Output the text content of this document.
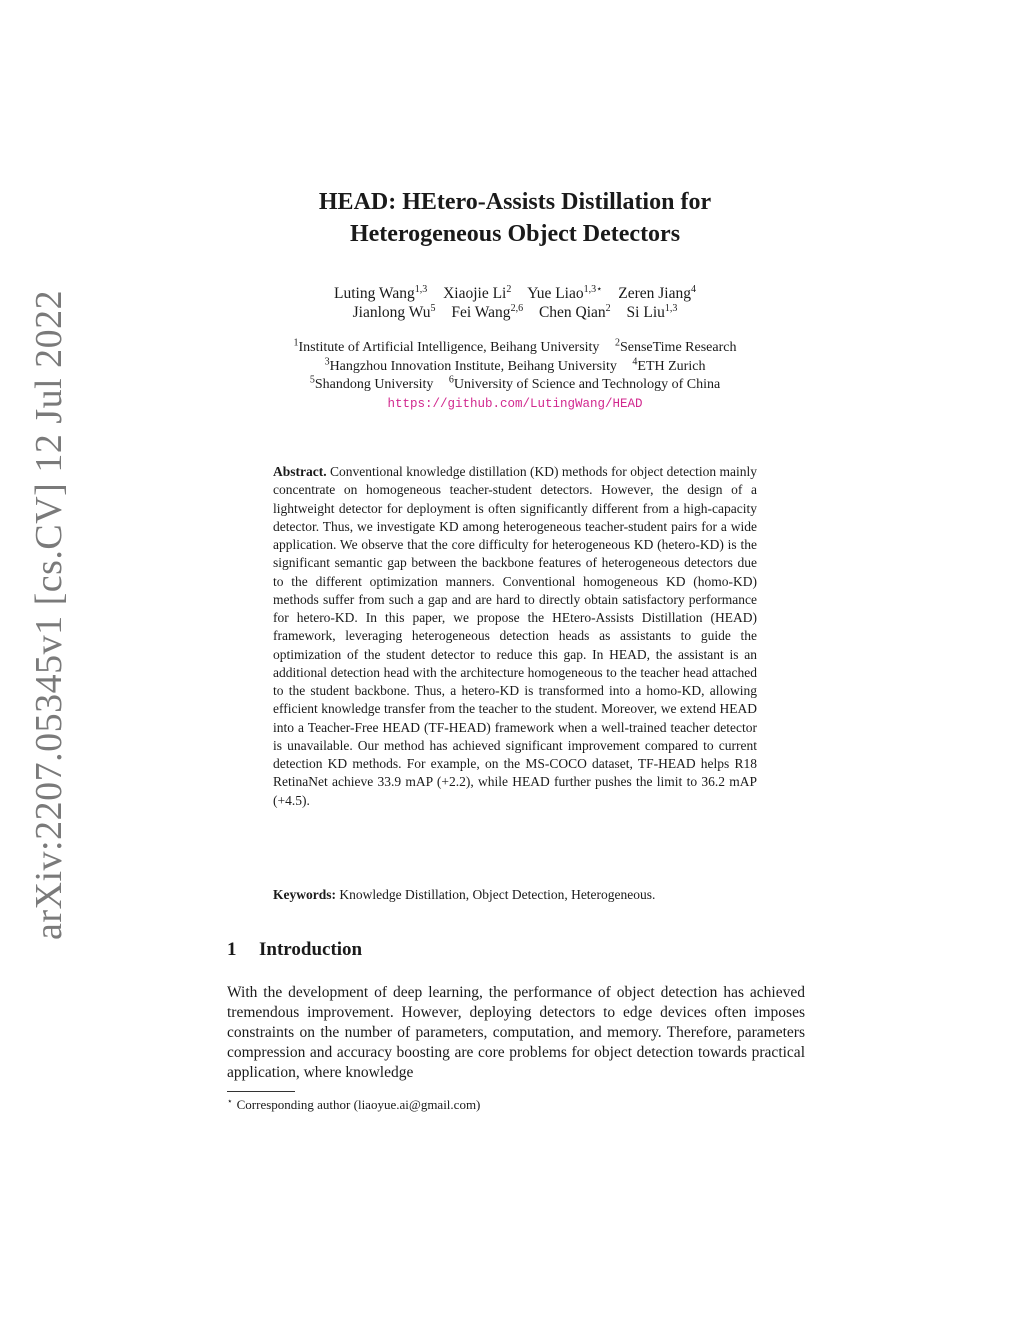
arXiv:2207.05345v1 [cs.CV] 12 Jul 2022
HEAD: HEtero-Assists Distillation for
Heterogeneous Object Detectors
Luting Wang$^{1,3}$ Xiaojie Li$^2$ Yue Liao$^{1,3⋆}$ Zeren Jiang$^4$
Jianlong Wu$^5$ Fei Wang$^{2,6}$ Chen Qian$^2$ Si Liu$^{1,3}$
$^1$Institute of Artificial Intelligence, Beihang University $^2$SenseTime Research
$^3$Hangzhou Innovation Institute, Beihang University $^4$ETH Zurich
$^5$Shandong University $^6$University of Science and Technology of China
https://github.com/LutingWang/HEAD
Abstract. Conventional knowledge distillation (KD) methods for object detection mainly concentrate on homogeneous teacher-student detectors. However, the design of a lightweight detector for deployment is often significantly different from a high-capacity detector. Thus, we investigate KD among heterogeneous teacher-student pairs for a wide application. We observe that the core difficulty for heterogeneous KD (hetero-KD) is the significant semantic gap between the backbone features of heterogeneous detectors due to the different optimization manners. Conventional homogeneous KD (homo-KD) methods suffer from such a gap and are hard to directly obtain satisfactory performance for hetero-KD. In this paper, we propose the HEtero-Assists Distillation (HEAD) framework, leveraging heterogeneous detection heads as assistants to guide the optimization of the student detector to reduce this gap. In HEAD, the assistant is an additional detection head with the architecture homogeneous to the teacher head attached to the student backbone. Thus, a hetero-KD is transformed into a homo-KD, allowing efficient knowledge transfer from the teacher to the student. Moreover, we extend HEAD into a Teacher-Free HEAD (TF-HEAD) framework when a well-trained teacher detector is unavailable. Our method has achieved significant improvement compared to current detection KD methods. For example, on the MS-COCO dataset, TF-HEAD helps R18 RetinaNet achieve 33.9 mAP (+2.2), while HEAD further pushes the limit to 36.2 mAP (+4.5).
Keywords: Knowledge Distillation, Object Detection, Heterogeneous.
1 Introduction

With the development of deep learning, the performance of object detection has achieved tremendous improvement. However, deploying detectors to edge devices often imposes constraints on the number of parameters, computation, and memory. Therefore, parameters compression and accuracy boosting are core problems for object detection towards practical application, where knowledge

⋆ Corresponding author (liaoyue.ai@gmail.com)
